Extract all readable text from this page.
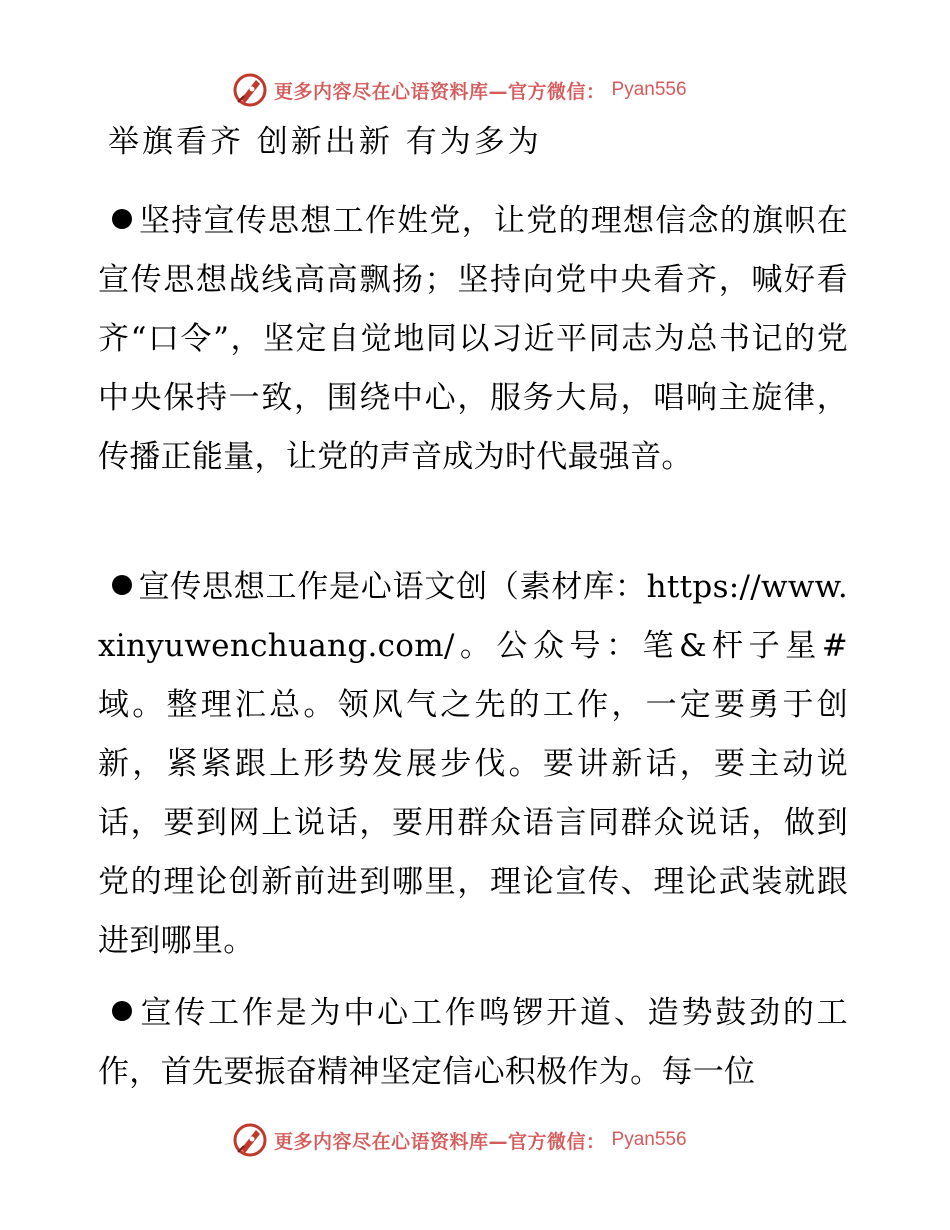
更多内容尽在心语资料库—官方微信： Pyan556
举旗看齐 创新出新 有为多为

坚持宣传思想工作姓党，让党的理想信念的旗帜在宣传思想战线高高飘扬；坚持向党中央看齐，喊好看齐“口令”，坚定自觉地同以习近平同志为总书记的党中央保持一致，围绕中心，服务大局，唱响主旋律，传播正能量，让党的声音成为时代最强音。

宣传思想工作是心语文创（素材库：https://www.xinyuwenchuang.com/。公众号：笔&杆子星#域。整理汇总。领风气之先的工作，一定要勇于创新，紧紧跟上形势发展步伐。要讲新话，要主动说话，要到网上说话，要用群众语言同群众说话，做到党的理论创新前进到哪里，理论宣传、理论武装就跟进到哪里。

宣传工作是为中心工作鸣锣开道、造势鼓劲的工作，首先要振奋精神坚定信心积极作为。每一位

更多内容尽在心语资料库—官方微信： Pyan556
